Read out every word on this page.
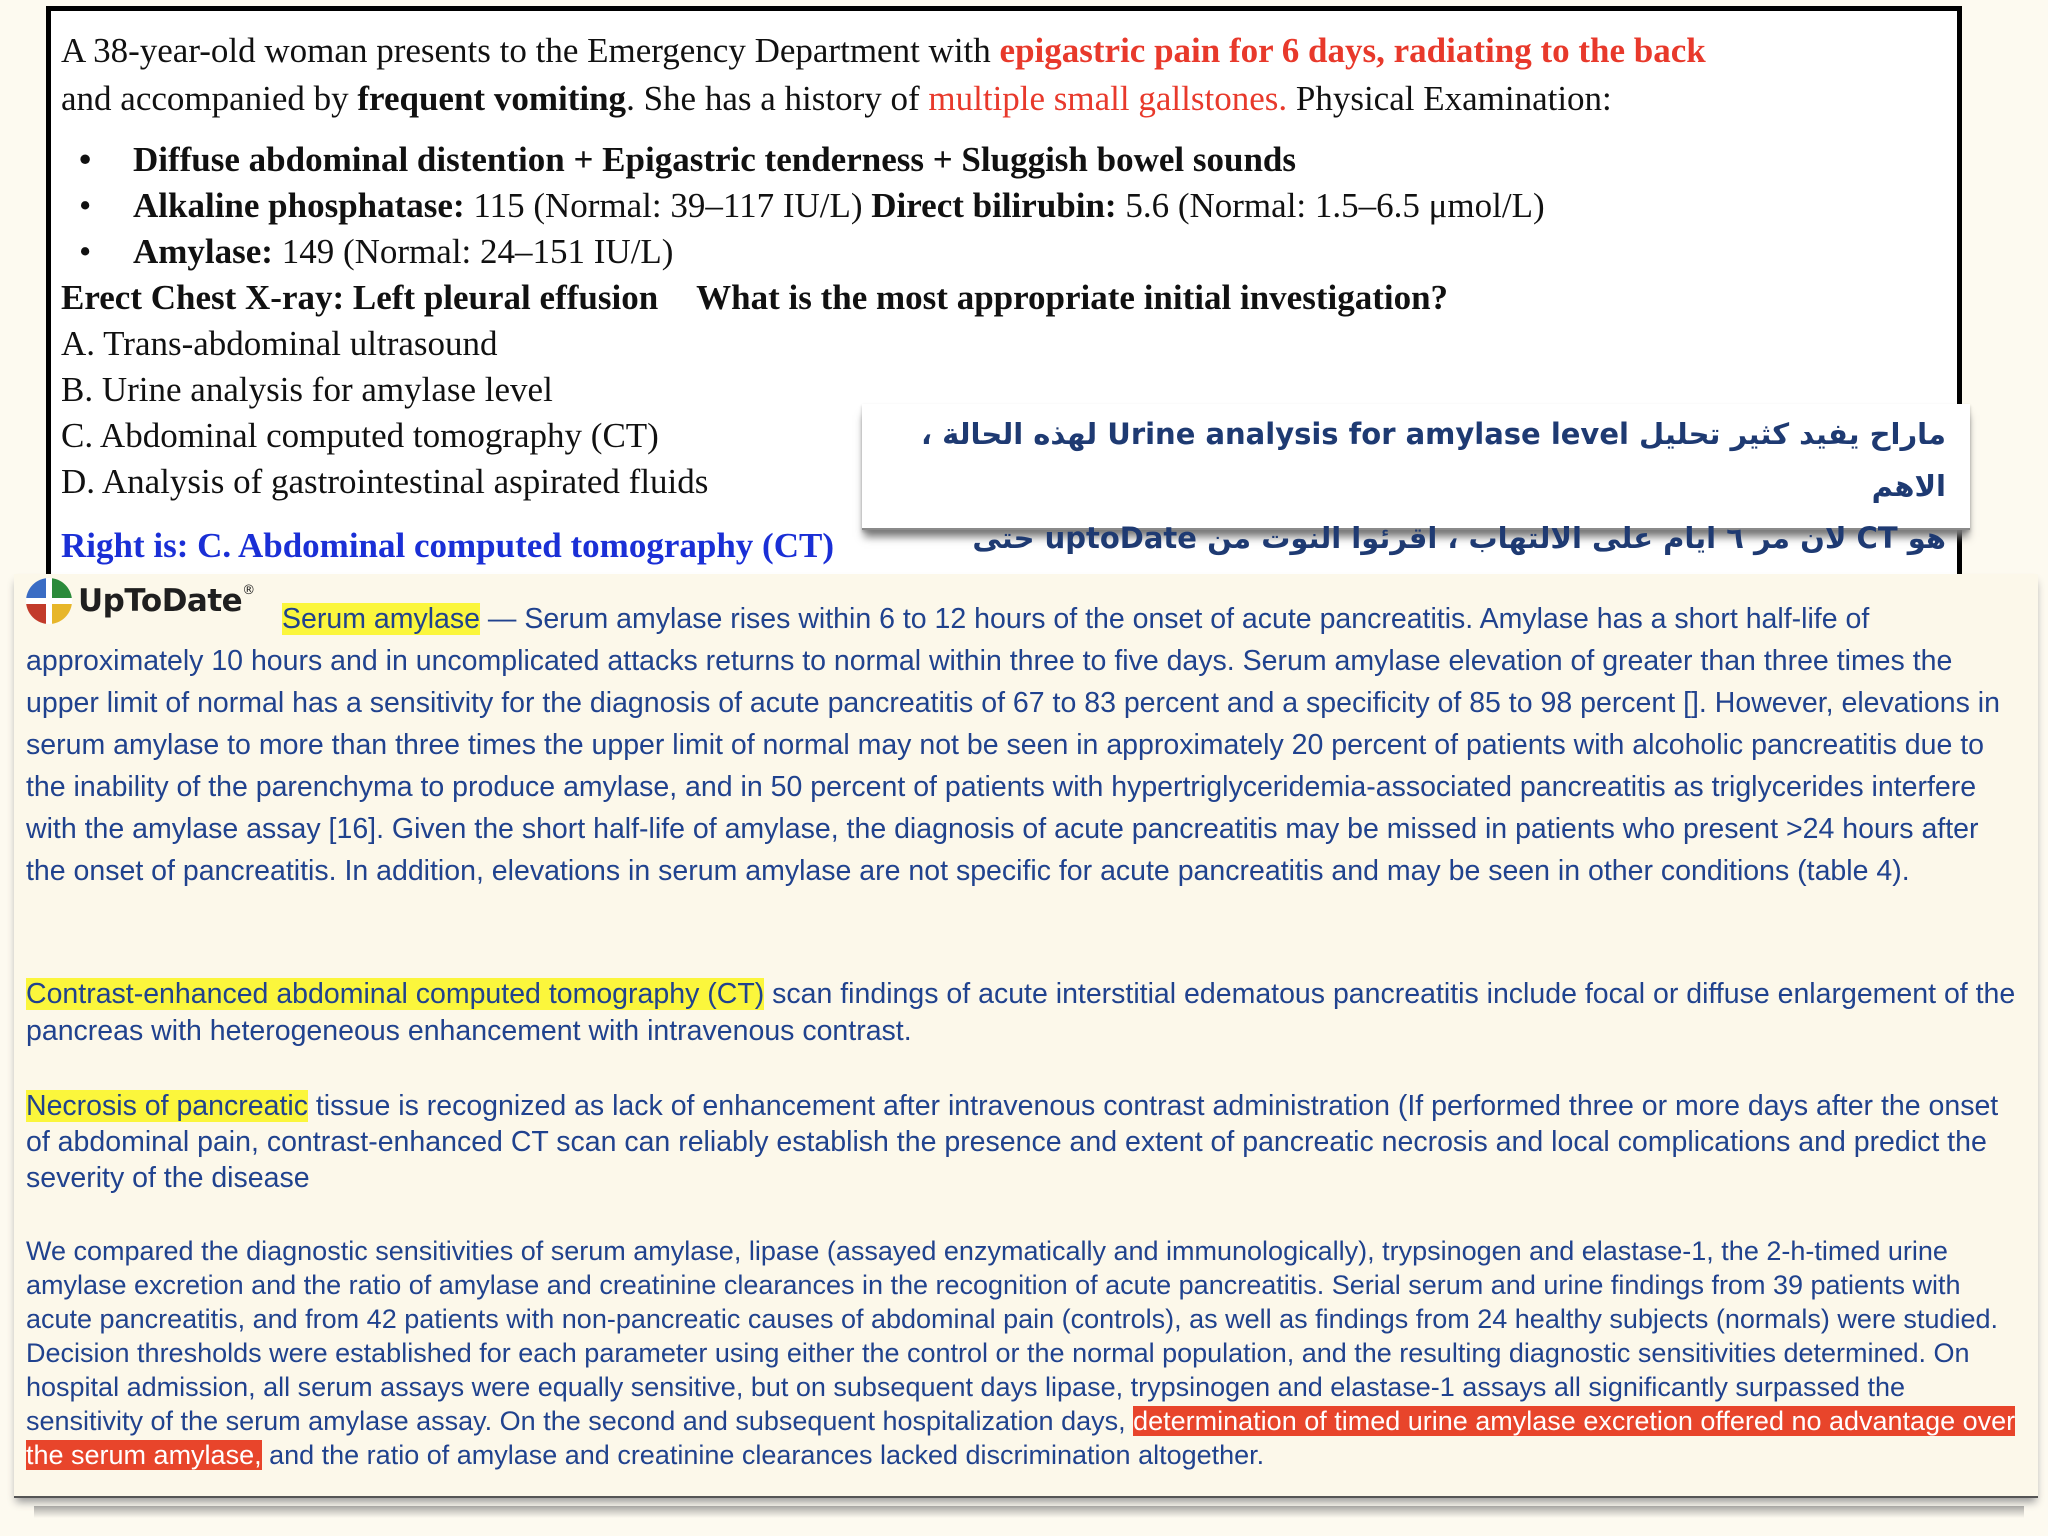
A 38-year-old woman presents to the Emergency Department with epigastric pain for 6 days, radiating to the back
and accompanied by frequent vomiting. She has a history of multiple small gallstones. Physical Examination:
• Diffuse abdominal distention + Epigastric tenderness + Sluggish bowel sounds
• Alkaline phosphatase: 115 (Normal: 39–117 IU/L) Direct bilirubin: 5.6 (Normal: 1.5–6.5 μmol/L)
• Amylase: 149 (Normal: 24–151 IU/L)
Erect Chest X-ray: Left pleural effusion What is the most appropriate initial investigation?
A. Trans-abdominal ultrasound
B. Urine analysis for amylase level
C. Abdominal computed tomography (CT)
D. Analysis of gastrointestinal aspirated fluids
Right is: C. Abdominal computed tomography (CT)
ماراح يفيد كثير تحليل Urine analysis for amylase level لهذه الحالة ، الاهم
هو CT لان مر ٦ ايام على الالتهاب ، اقرئوا النوت من uptoDate حتى
UpToDate®

Serum amylase — Serum amylase rises within 6 to 12 hours of the onset of acute pancreatitis. Amylase has a short half-life of approximately 10 hours and in uncomplicated attacks returns to normal within three to five days. Serum amylase elevation of greater than three times the upper limit of normal has a sensitivity for the diagnosis of acute pancreatitis of 67 to 83 percent and a specificity of 85 to 98 percent []. However, elevations in serum amylase to more than three times the upper limit of normal may not be seen in approximately 20 percent of patients with alcoholic pancreatitis due to the inability of the parenchyma to produce amylase, and in 50 percent of patients with hypertriglyceridemia-associated pancreatitis as triglycerides interfere with the amylase assay [16]. Given the short half-life of amylase, the diagnosis of acute pancreatitis may be missed in patients who present >24 hours after the onset of pancreatitis. In addition, elevations in serum amylase are not specific for acute pancreatitis and may be seen in other conditions (table 4).

Contrast-enhanced abdominal computed tomography (CT) scan findings of acute interstitial edematous pancreatitis include focal or diffuse enlargement of the pancreas with heterogeneous enhancement with intravenous contrast.

Necrosis of pancreatic tissue is recognized as lack of enhancement after intravenous contrast administration (If performed three or more days after the onset of abdominal pain, contrast-enhanced CT scan can reliably establish the presence and extent of pancreatic necrosis and local complications and predict the severity of the disease

We compared the diagnostic sensitivities of serum amylase, lipase (assayed enzymatically and immunologically), trypsinogen and elastase-1, the 2-h-timed urine amylase excretion and the ratio of amylase and creatinine clearances in the recognition of acute pancreatitis. Serial serum and urine findings from 39 patients with acute pancreatitis, and from 42 patients with non-pancreatic causes of abdominal pain (controls), as well as findings from 24 healthy subjects (normals) were studied. Decision thresholds were established for each parameter using either the control or the normal population, and the resulting diagnostic sensitivities determined. On hospital admission, all serum assays were equally sensitive, but on subsequent days lipase, trypsinogen and elastase-1 assays all significantly surpassed the sensitivity of the serum amylase assay. On the second and subsequent hospitalization days, determination of timed urine amylase excretion offered no advantage over the serum amylase, and the ratio of amylase and creatinine clearances lacked discrimination altogether.
